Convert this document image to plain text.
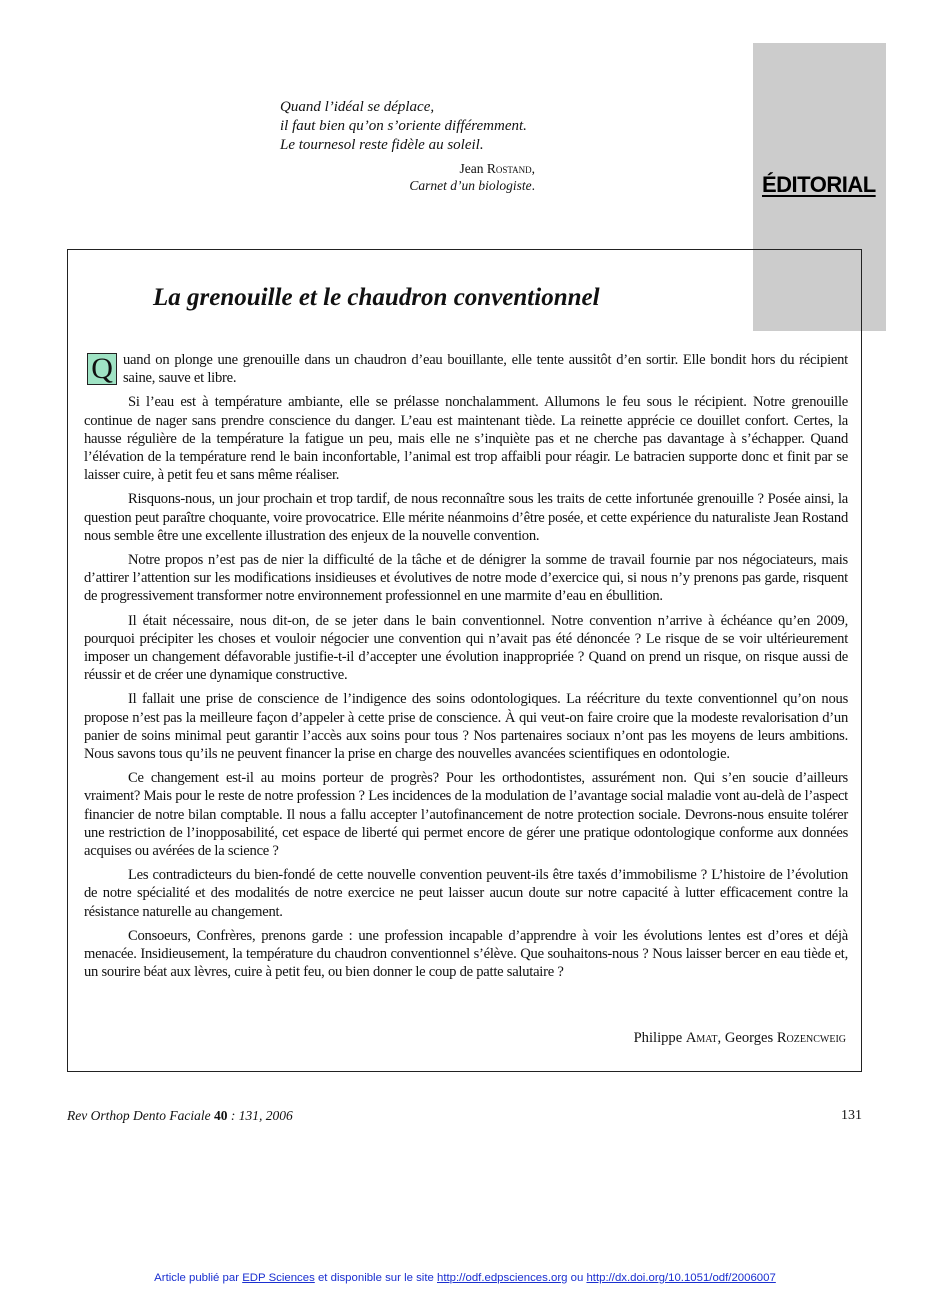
Quand l’idéal se déplace,
il faut bien qu’on s’oriente différemment.
Le tournesol reste fidèle au soleil.
Jean Rostand,
Carnet d’un biologiste.	ÉDITORIAL
La grenouille et le chaudron conventionnel

Q uand on plonge une grenouille dans un chaudron d’eau bouillante, elle tente aussitôt d’en sortir. Elle bondit hors du récipient saine, sauve et libre.

Si l’eau est à température ambiante, elle se prélasse nonchalamment. Allumons le feu sous le récipient. Notre grenouille continue de nager sans prendre conscience du danger. L’eau est maintenant tiède. La reinette apprécie ce douillet confort. Certes, la hausse régulière de la température la fatigue un peu, mais elle ne s’inquiète pas et ne cherche pas davantage à s’échapper. Quand l’élévation de la température rend le bain inconfortable, l’animal est trop affaibli pour réagir. Le batracien supporte donc et finit par se laisser cuire, à petit feu et sans même réaliser.

Risquons-nous, un jour prochain et trop tardif, de nous reconnaître sous les traits de cette infortunée grenouille ? Posée ainsi, la question peut paraître choquante, voire provocatrice. Elle mérite néanmoins d’être posée, et cette expérience du naturaliste Jean Rostand nous semble être une excellente illustration des enjeux de la nouvelle convention.

Notre propos n’est pas de nier la difficulté de la tâche et de dénigrer la somme de travail fournie par nos négociateurs, mais d’attirer l’attention sur les modifications insidieuses et évolutives de notre mode d’exercice qui, si nous n’y prenons pas garde, risquent de progressivement transformer notre environnement professionnel en une marmite d’eau en ébullition.

Il était nécessaire, nous dit-on, de se jeter dans le bain conventionnel. Notre convention n’arrive à échéance qu’en 2009, pourquoi précipiter les choses et vouloir négocier une convention qui n’avait pas été dénoncée ? Le risque de se voir ultérieurement imposer un changement défavorable justifie-t-il d’accepter une évolution inappropriée ? Quand on prend un risque, on risque aussi de réussir et de créer une dynamique constructive.

Il fallait une prise de conscience de l’indigence des soins odontologiques. La réécriture du texte conventionnel qu’on nous propose n’est pas la meilleure façon d’appeler à cette prise de conscience. À qui veut-on faire croire que la modeste revalorisation d’un panier de soins minimal peut garantir l’accès aux soins pour tous ? Nos partenaires sociaux n’ont pas les moyens de leurs ambitions. Nous savons tous qu’ils ne peuvent financer la prise en charge des nouvelles avancées scientifiques en odontologie.

Ce changement est-il au moins porteur de progrès? Pour les orthodontistes, assurément non. Qui s’en soucie d’ailleurs vraiment? Mais pour le reste de notre profession ? Les incidences de la modulation de l’avantage social maladie vont au-delà de l’aspect financier de notre bilan comptable. Il nous a fallu accepter l’autofinancement de notre protection sociale. Devrons-nous ensuite tolérer une restriction de l’inopposabilité, cet espace de liberté qui permet encore de gérer une pratique odontologique conforme aux données acquises ou avérées de la science ?

Les contradicteurs du bien-fondé de cette nouvelle convention peuvent-ils être taxés d’immobilisme ? L’histoire de l’évolution de notre spécialité et des modalités de notre exercice ne peut laisser aucun doute sur notre capacité à lutter efficacement contre la résistance naturelle au changement.

Consoeurs, Confrères, prenons garde : une profession incapable d’apprendre à voir les évolutions lentes est d’ores et déjà menacée. Insidieusement, la température du chaudron conventionnel s’élève. Que souhaitons-nous ? Nous laisser bercer en eau tiède et, un sourire béat aux lèvres, cuire à petit feu, ou bien donner le coup de patte salutaire ?

Philippe Amat, Georges Rozencweig
Rev Orthop Dento Faciale 40 : 131, 2006	131
Article publié par EDP Sciences et disponible sur le site http://odf.edpsciences.org ou http://dx.doi.org/10.1051/odf/2006007
